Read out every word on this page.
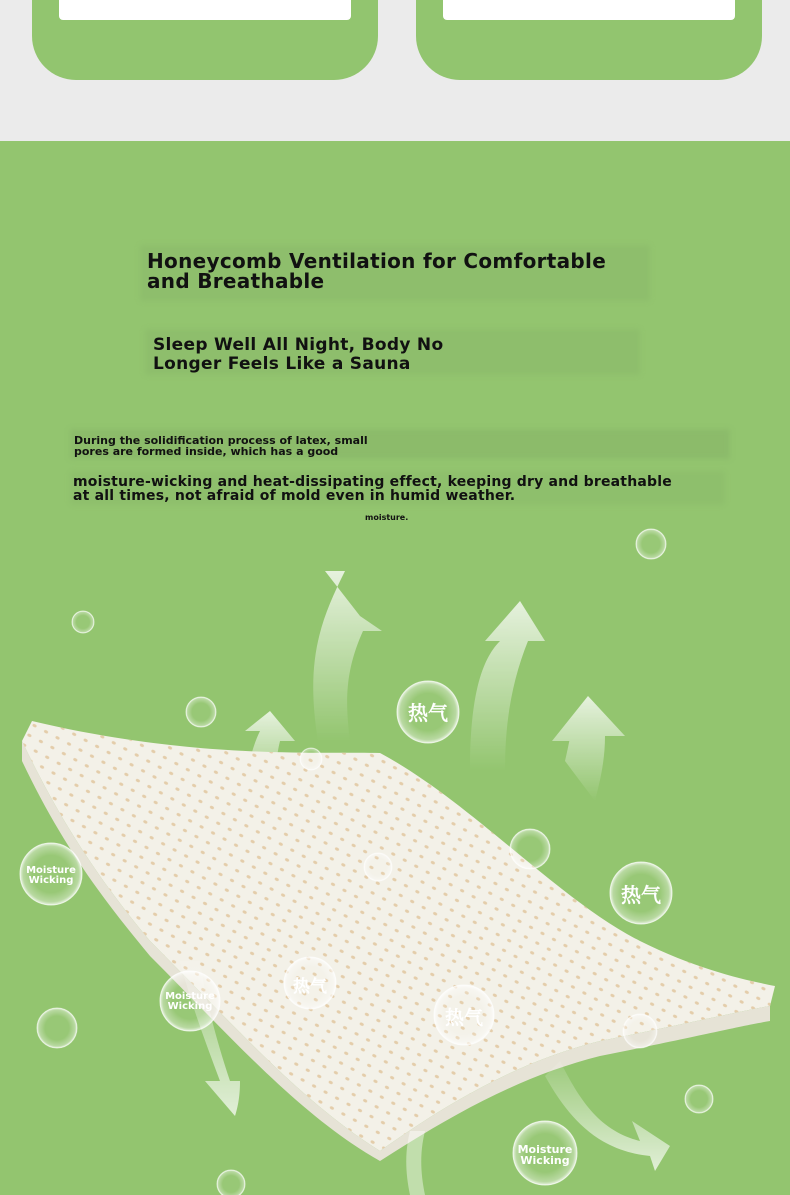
热气
热气
热气
热气
Moisture
Wicking
Moisture
Wicking
Moisture
Wicking
Honeycomb Ventilation for Comfortable
and Breathable
Sleep Well All Night, Body No
Longer Feels Like a Sauna
During the solidification process of latex, small
pores are formed inside, which has a good
moisture-wicking and heat-dissipating effect, keeping dry and breathable
at all times, not afraid of mold even in humid weather.
moisture.
